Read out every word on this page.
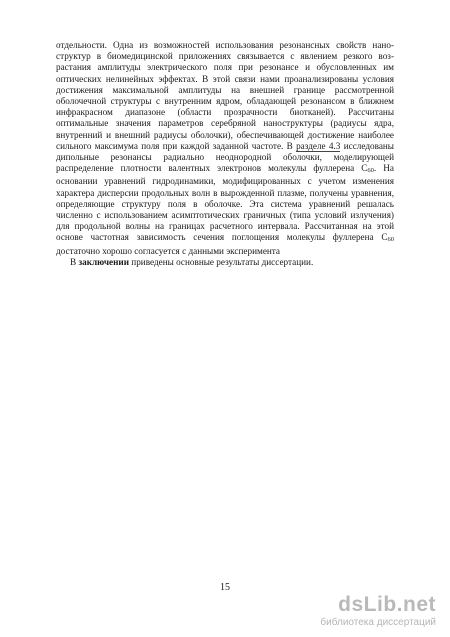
отдельности. Одна из возможностей использования резонансных свойств наноструктур в биомедицинской приложениях связывается с явлением резкого возрастания амплитуды электрического поля при резонансе и обусловленных им оптических нелинейных эффектах. В этой связи нами проанализированы условия достижения максимальной амплитуды на внешней границе рассмотренной оболочечной структуры с внутренним ядром, обладающей резонансом в ближнем инфракрасном диапазоне (области прозрачности биотканей). Рассчитаны оптимальные значения параметров серебряной наноструктуры (радиусы ядра, внутренний и внешний радиусы оболочки), обеспечивающей достижение наиболее сильного максимума поля при каждой заданной частоте. В разделе 4.3 исследованы дипольные резонансы радиально неоднородной оболочки, моделирующей распределение плотности валентных электронов молекулы фуллерена C60. На основании уравнений гидродинамики, модифицированных с учетом изменения характера дисперсии продольных волн в вырожденной плазме, получены уравнения, определяющие структуру поля в оболочке. Эта система уравнений решалась численно с использованием асимптотических граничных (типа условий излучения) для продольной волны на границах расчетного интервала. Рассчитанная на этой основе частотная зависимость сечения поглощения молекулы фуллерена C60 достаточно хорошо согласуется с данными эксперимента

В заключении приведены основные результаты диссертации.

15
dsLib.net
библиотека диссертаций
